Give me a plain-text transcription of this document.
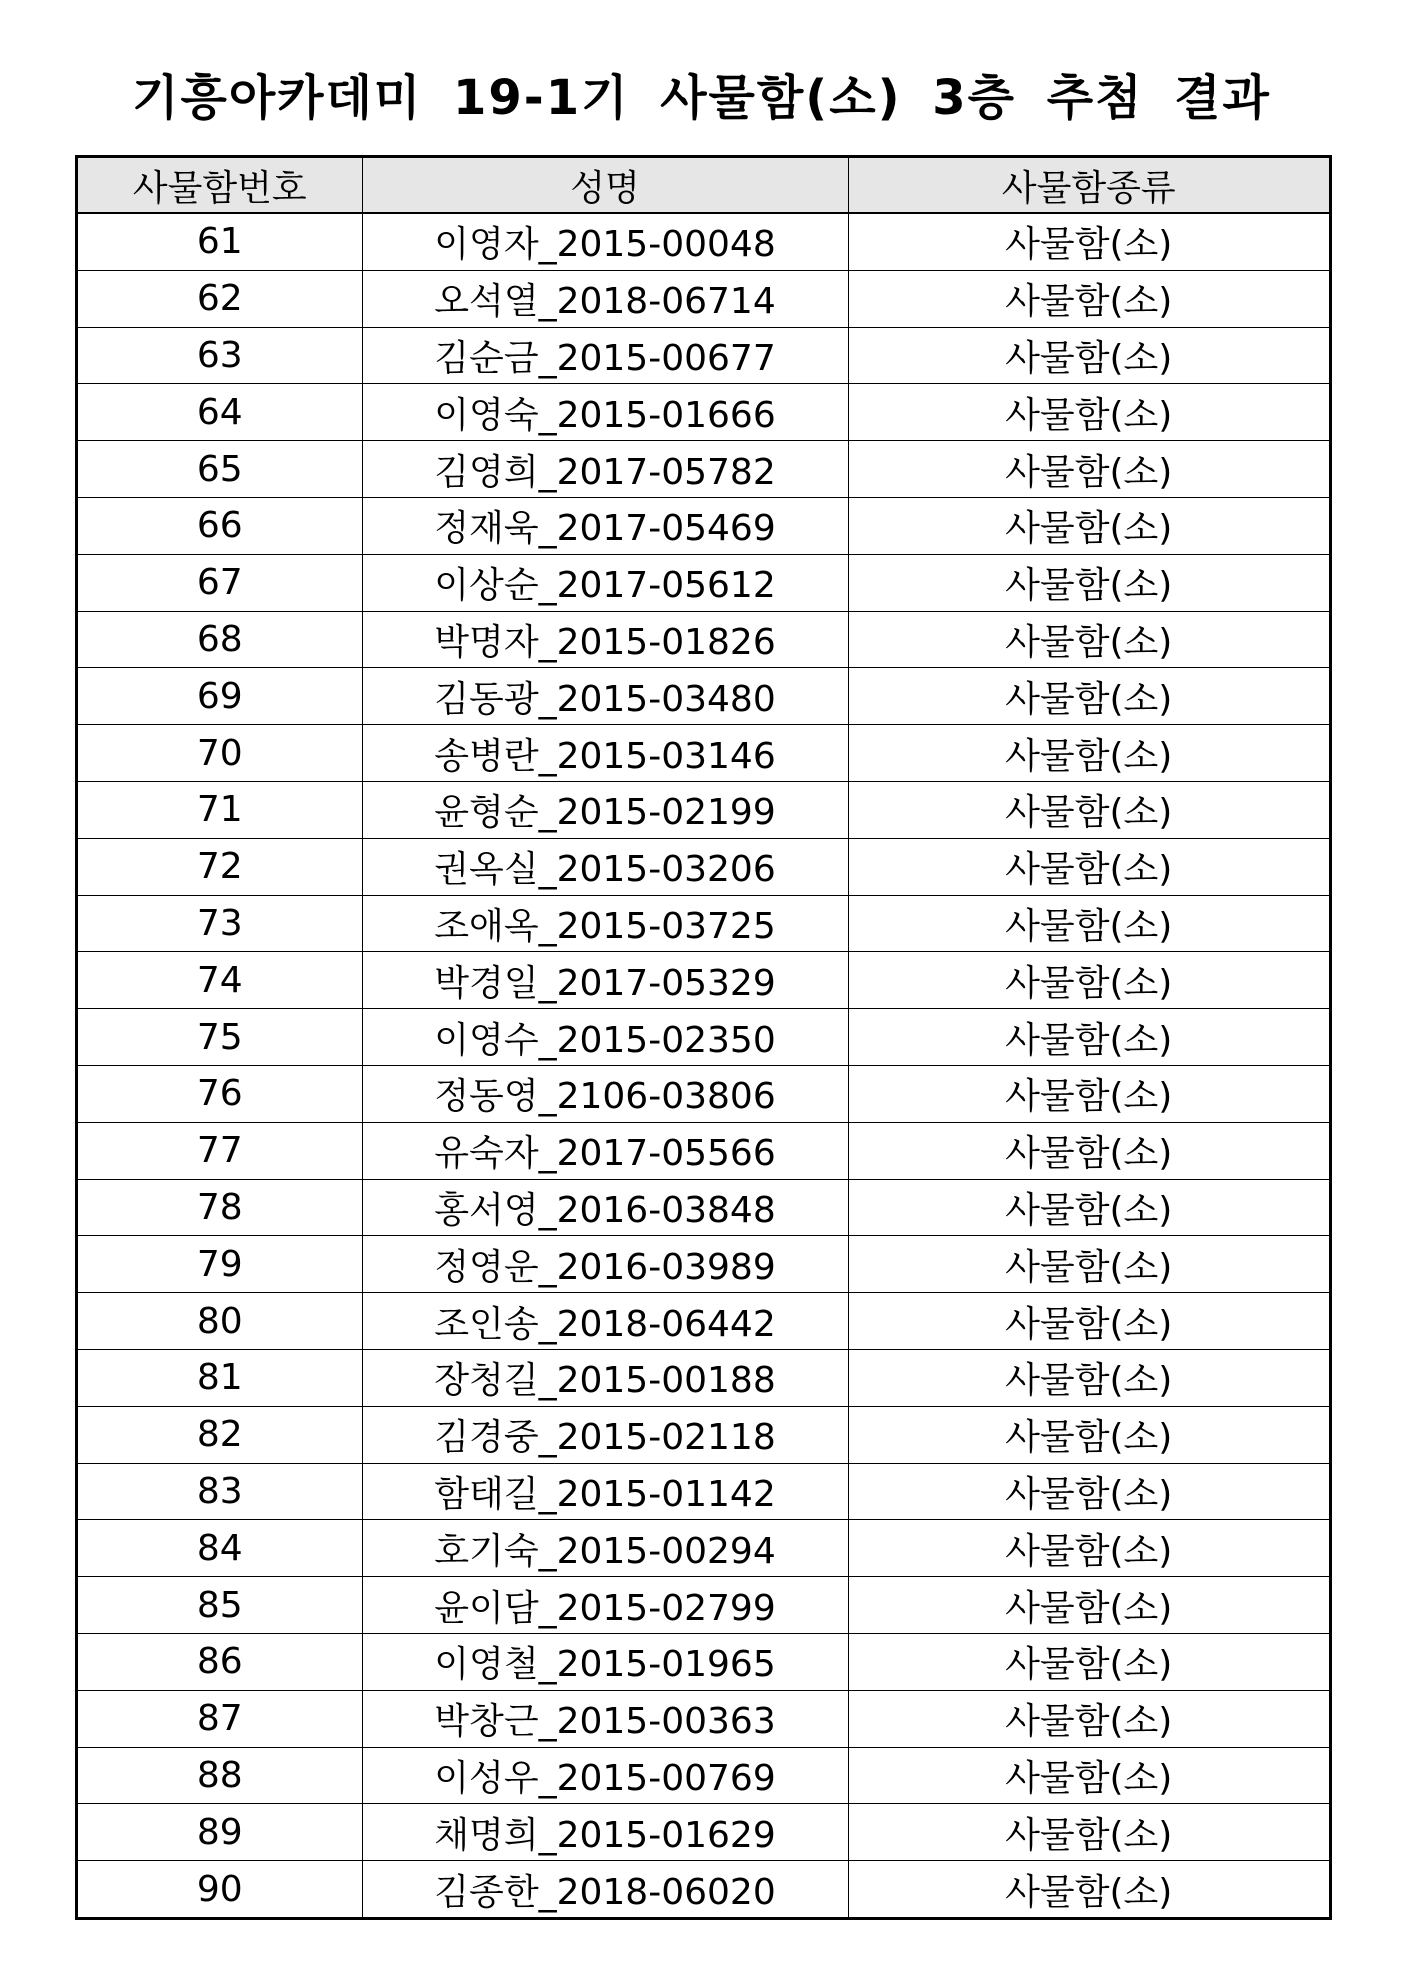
기흥아카데미 19-1기 사물함(소) 3층 추첨 결과
사물함번호	성명	사물함종류
61	이영자_2015-00048	사물함(소)
62	오석열_2018-06714	사물함(소)
63	김순금_2015-00677	사물함(소)
64	이영숙_2015-01666	사물함(소)
65	김영희_2017-05782	사물함(소)
66	정재욱_2017-05469	사물함(소)
67	이상순_2017-05612	사물함(소)
68	박명자_2015-01826	사물함(소)
69	김동광_2015-03480	사물함(소)
70	송병란_2015-03146	사물함(소)
71	윤형순_2015-02199	사물함(소)
72	권옥실_2015-03206	사물함(소)
73	조애옥_2015-03725	사물함(소)
74	박경일_2017-05329	사물함(소)
75	이영수_2015-02350	사물함(소)
76	정동영_2106-03806	사물함(소)
77	유숙자_2017-05566	사물함(소)
78	홍서영_2016-03848	사물함(소)
79	정영운_2016-03989	사물함(소)
80	조인송_2018-06442	사물함(소)
81	장청길_2015-00188	사물함(소)
82	김경중_2015-02118	사물함(소)
83	함태길_2015-01142	사물함(소)
84	호기숙_2015-00294	사물함(소)
85	윤이담_2015-02799	사물함(소)
86	이영철_2015-01965	사물함(소)
87	박창근_2015-00363	사물함(소)
88	이성우_2015-00769	사물함(소)
89	채명희_2015-01629	사물함(소)
90	김종한_2018-06020	사물함(소)
